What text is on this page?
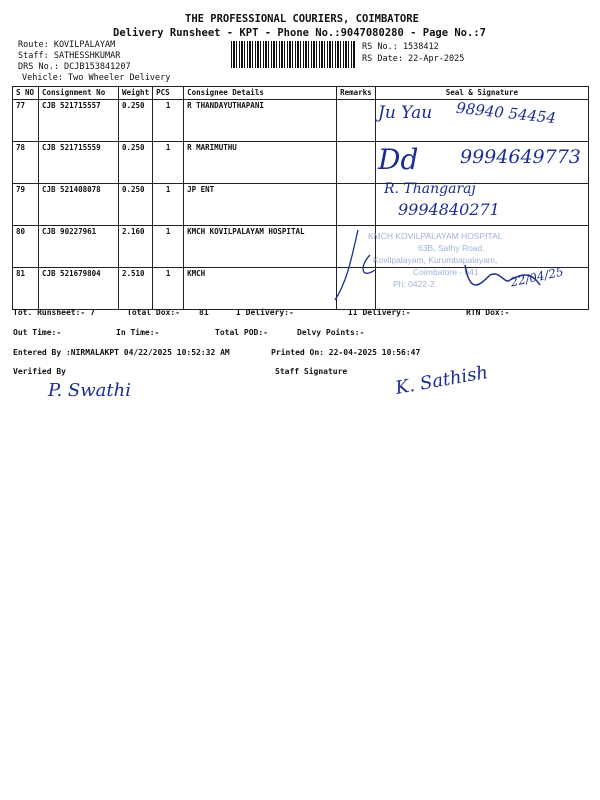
THE PROFESSIONAL COURIERS, COIMBATORE
Delivery Runsheet - KPT - Phone No.:9047080280 - Page No.:7
Route: KOVILPALAYAM
Staff: SATHESSHKUMAR
DRS No.: DCJB153841207
Vehicle: Two Wheeler Delivery
RS No.: 1538412
RS Date: 22-Apr-2025
S NO	Consignment No	Weight	PCS	Consignee Details	Remarks	Seal & Signature
77	CJB 521715557	0.250	1	R THANDAYUTHAPANI		
78	CJB 521715559	0.250	1	R MARIMUTHU		
79	CJB 521408078	0.250	1	JP ENT		
80	CJB 90227961	2.160	1	KMCH KOVILPALAYAM HOSPITAL		
81	CJB 521679804	2.510	1	KMCH		
KMCH KOVILPALAYAM HOSPITAL
63B, Sathy Road,
Kovilpalayam, Kurumbapalayam,
Coimbatore - 641
Ph: 0422-2
Ju Yau 98940 54454
Dd 9994649773
R. Thangaraj
9994840271
22/04/25
Tot. Runsheet:- 7	Total Dox:- 81	I Delivery:-	II Delivery:-	RTN Dox:-
Out Time:-	In Time:-	Total POD:-	Delvy Points:-
Entered By :NIRMALAKPT 04/22/2025 10:52:32 AM	Printed On: 22-04-2025 10:56:47
Verified By	Staff Signature
P. Swathi	K. Sathish
